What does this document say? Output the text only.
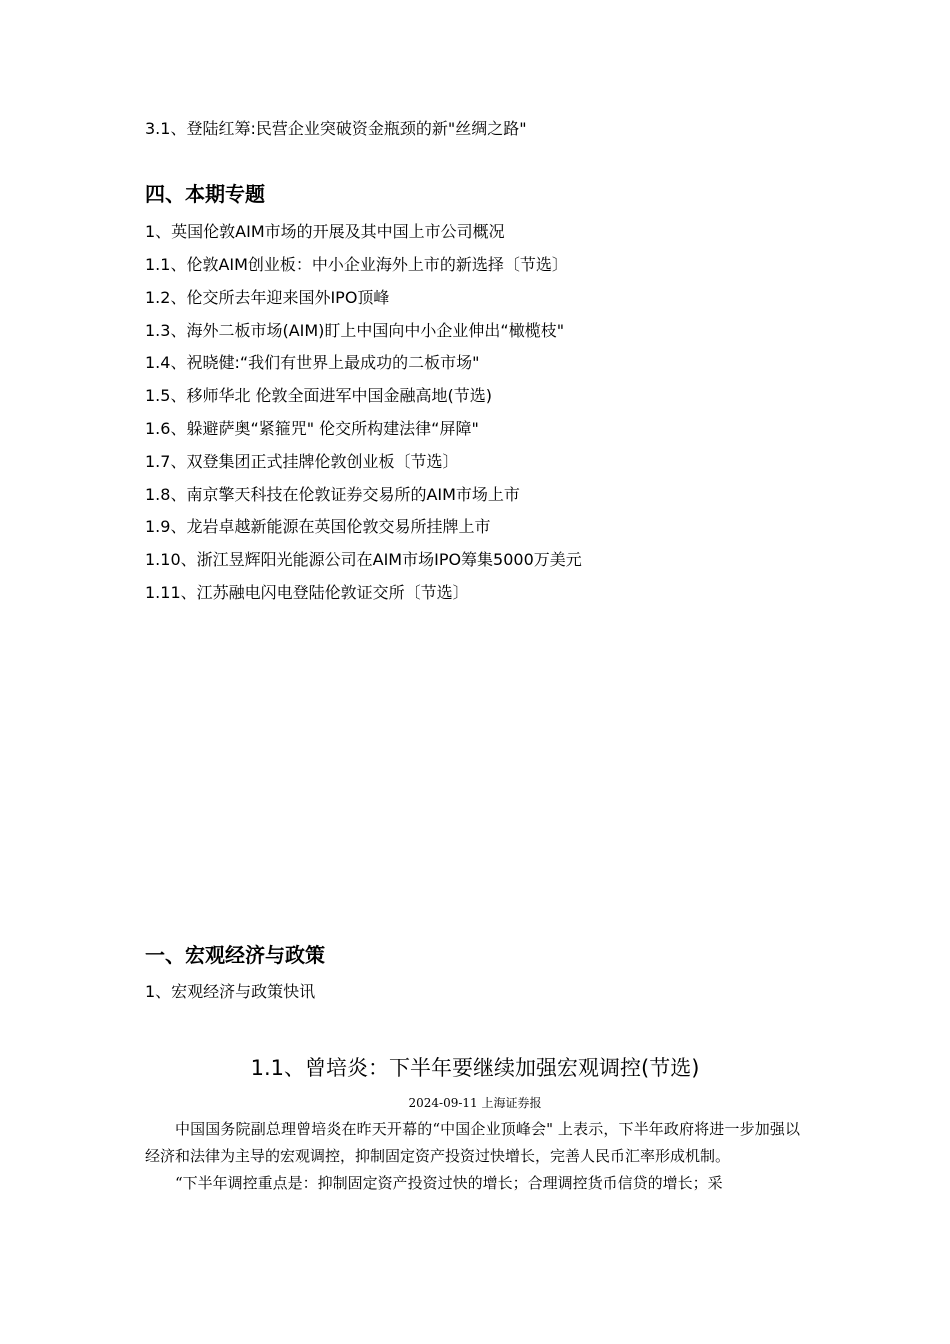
3.1、登陆红筹:民营企业突破资金瓶颈的新"丝绸之路"
四、本期专题
1、英国伦敦AIM市场的开展及其中国上市公司概况
1.1、伦敦AIM创业板：中小企业海外上市的新选择〔节选〕
1.2、伦交所去年迎来国外IPO顶峰
1.3、海外二板市场(AIM)盯上中国向中小企业伸出“橄榄枝"
1.4、祝晓健:“我们有世界上最成功的二板市场"
1.5、移师华北 伦敦全面进军中国金融高地(节选)
1.6、躲避萨奥“紧箍咒" 伦交所构建法律“屏障"
1.7、双登集团正式挂牌伦敦创业板〔节选〕
1.8、南京擎天科技在伦敦证券交易所的AIM市场上市
1.9、龙岩卓越新能源在英国伦敦交易所挂牌上市
1.10、浙江昱辉阳光能源公司在AIM市场IPO筹集5000万美元
1.11、江苏融电闪电登陆伦敦证交所〔节选〕
一、宏观经济与政策
1、宏观经济与政策快讯
1.1、曾培炎：下半年要继续加强宏观调控(节选)
2024-09-11 上海证券报

中国国务院副总理曾培炎在昨天开幕的“中国企业顶峰会" 上表示，下半年政府将进一步加强以经济和法律为主导的宏观调控，抑制固定资产投资过快增长，完善人民币汇率形成机制。

“下半年调控重点是：抑制固定资产投资过快的增长；合理调控货币信贷的增长；采
